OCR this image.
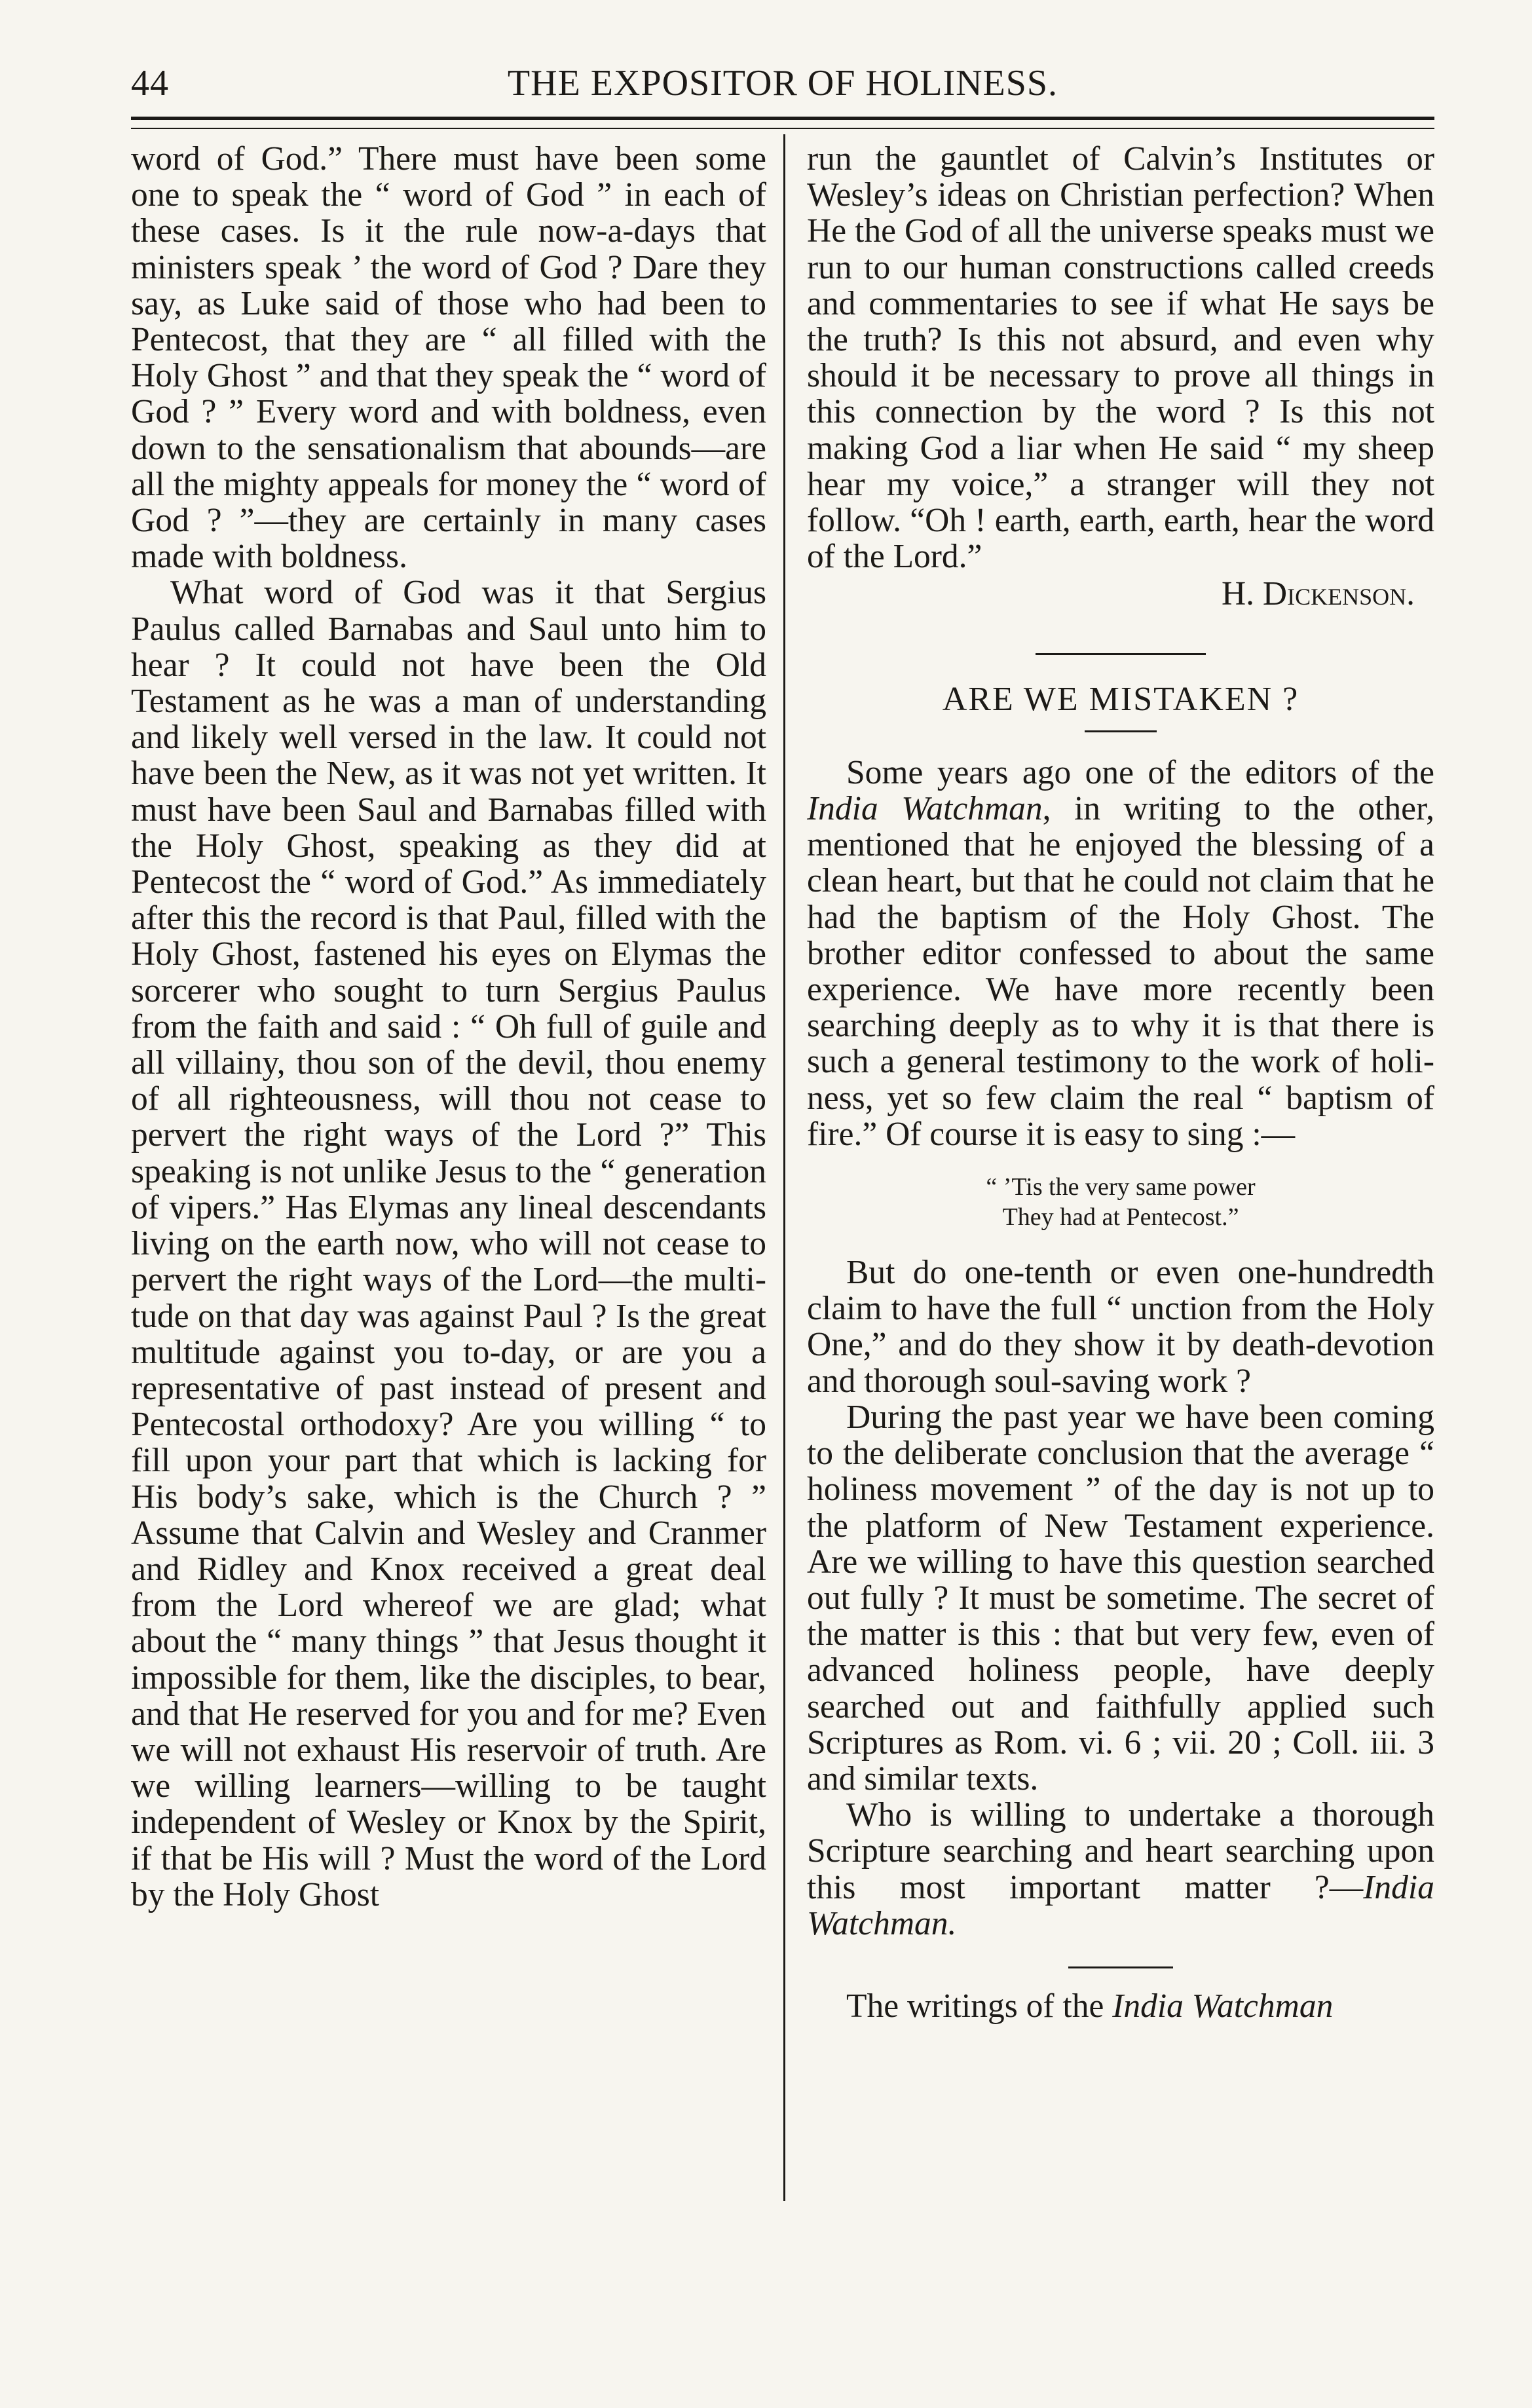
44	THE EXPOSITOR OF HOLINESS.

word of God.” There must have been some one to speak the “ word of God ” in each of these cases. Is it the rule now-a-days that ministers speak ’ the word of God ? Dare they say, as Luke said of those who had been to Pentecost, that they are “ all filled with the Holy Ghost ” and that they speak the “ word of God ? ” Every word and with boldness, even down to the sensationalism that abounds—are all the mighty appeals for money the “ word of God ? ”—they are certainly in many cases made with boldness.

What word of God was it that Sergius Paulus called Barnabas and Saul unto him to hear ? It could not have been the Old Testament as he was a man of understanding and likely well versed in the law. It could not have been the New, as it was not yet written. It must have been Saul and Barnabas filled with the Holy Ghost, speaking as they did at Pentecost the “ word of God.” As immediately after this the record is that Paul, filled with the Holy Ghost, fastened his eyes on Elymas the sorcerer who sought to turn Sergius Paulus from the faith and said : “ Oh full of guile and all villainy, thou son of the devil, thou enemy of all righteousness, will thou not cease to pervert the right ways of the Lord ?” This speaking is not unlike Jesus to the “ generation of vipers.” Has Elymas any lineal descendants living on the earth now, who will not cease to pervert the right ways of the Lord—the multitude on that day was against Paul ? Is the great multitude against you to-day, or are you a representative of past instead of present and Pentecostal orthodoxy? Are you willing “ to fill upon your part that which is lacking for His body’s sake, which is the Church ? ” Assume that Calvin and Wesley and Cranmer and Ridley and Knox received a great deal from the Lord whereof we are glad; what about the “ many things ” that Jesus thought it impossible for them, like the disciples, to bear, and that He reserved for you and for me? Even we will not exhaust His reservoir of truth. Are we willing learners—willing to be taught independent of Wesley or Knox by the Spirit, if that be His will ? Must the word of the Lord by the Holy Ghost

run the gauntlet of Calvin’s Institutes or Wesley’s ideas on Christian perfection? When He the God of all the universe speaks must we run to our human constructions called creeds and commentaries to see if what He says be the truth? Is this not absurd, and even why should it be necessary to prove all things in this connection by the word ? Is this not making God a liar when He said “ my sheep hear my voice,” a stranger will they not follow. “Oh ! earth, earth, earth, hear the word of the Lord.”

H. Dickenson.

ARE WE MISTAKEN ?

Some years ago one of the editors of the India Watchman, in writing to the other, mentioned that he enjoyed the blessing of a clean heart, but that he could not claim that he had the baptism of the Holy Ghost. The brother editor confessed to about the same experience. We have more recently been searching deeply as to why it is that there is such a general testimony to the work of holiness, yet so few claim the real “ baptism of fire.” Of course it is easy to sing :—

“ ’Tis the very same power
They had at Pentecost.”

But do one-tenth or even one-hundredth claim to have the full “ unction from the Holy One,” and do they show it by death-devotion and thorough soul-saving work ?

During the past year we have been coming to the deliberate conclusion that the average “ holiness movement ” of the day is not up to the platform of New Testament experience. Are we willing to have this question searched out fully ? It must be sometime. The secret of the matter is this : that but very few, even of advanced holiness people, have deeply searched out and faithfully applied such Scriptures as Rom. vi. 6 ; vii. 20 ; Coll. iii. 3 and similar texts.

Who is willing to undertake a thorough Scripture searching and heart searching upon this most important matter ?—India Watchman.

The writings of the India Watchman
